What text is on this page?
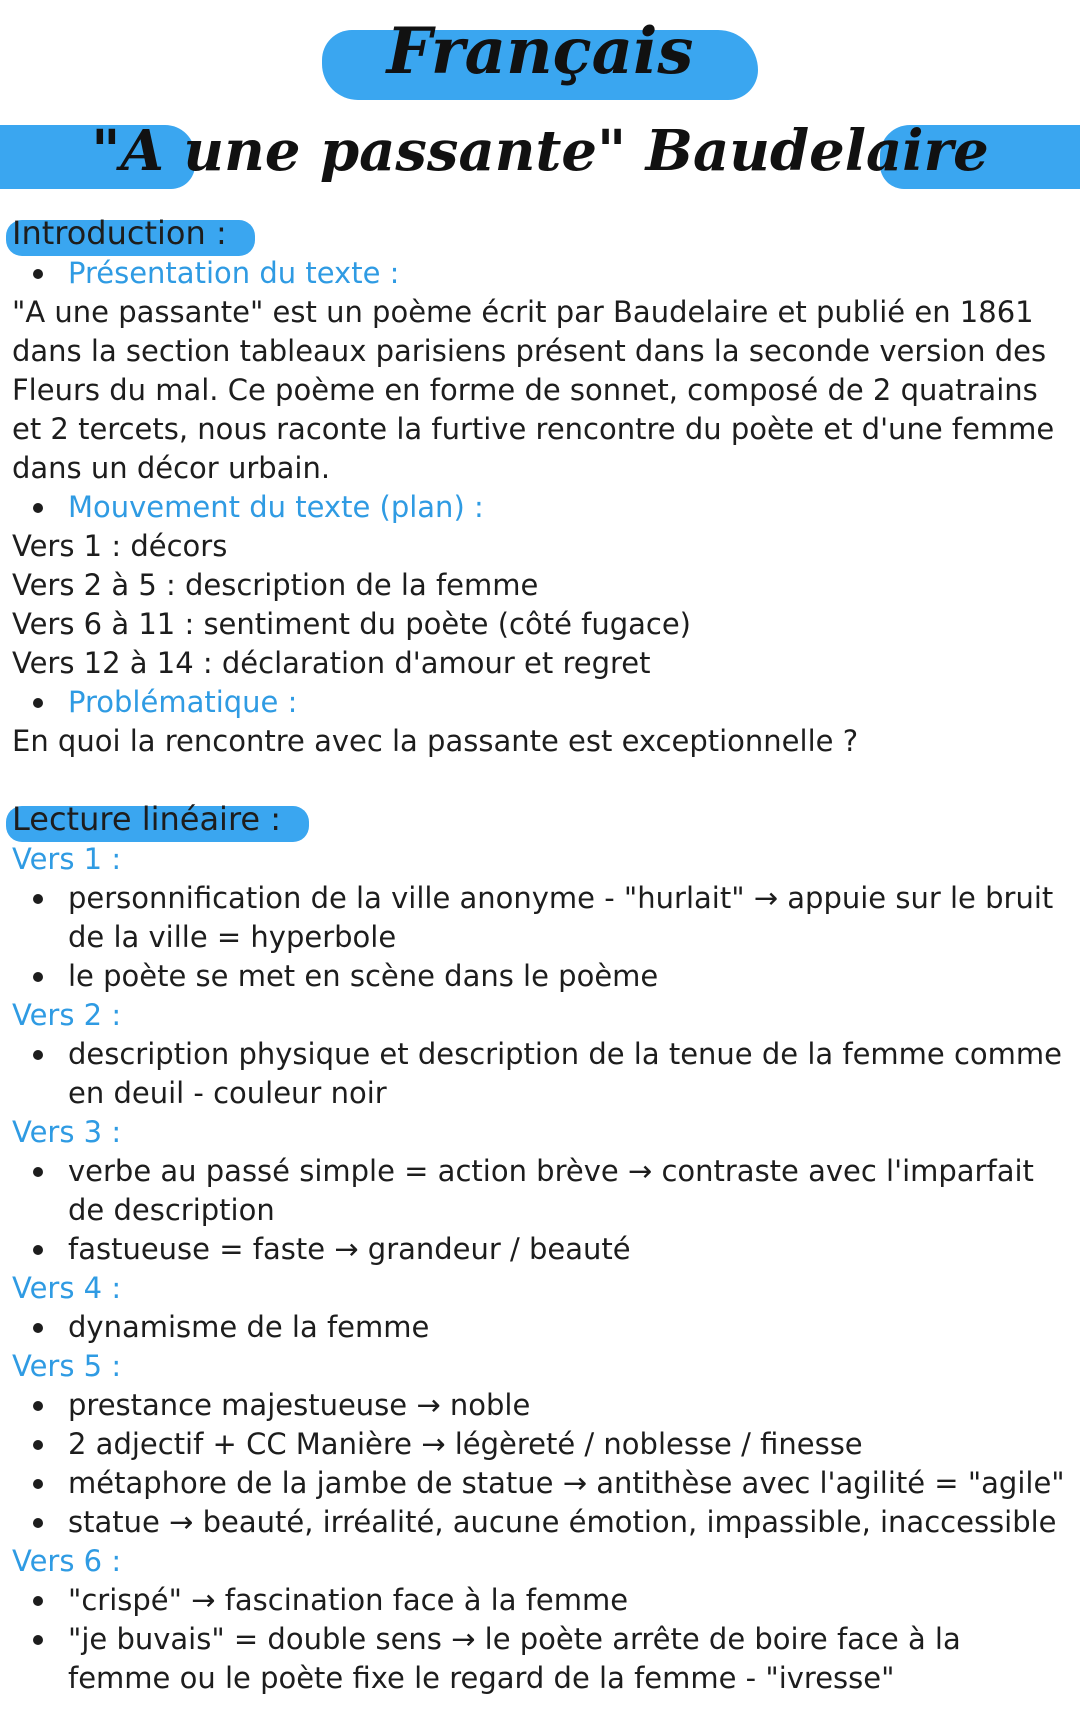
Français
"A une passante" Baudelaire
Introduction :
Présentation du texte :

"A une passante" est un poème écrit par Baudelaire et publié en 1861 dans la section tableaux parisiens présent dans la seconde version des Fleurs du mal. Ce poème en forme de sonnet, composé de 2 quatrains et 2 tercets, nous raconte la furtive rencontre du poète et d'une femme dans un décor urbain.

Mouvement du texte (plan) :

Vers 1 : décors

Vers 2 à 5 : description de la femme

Vers 6 à 11 : sentiment du poète (côté fugace)

Vers 12 à 14 : déclaration d'amour et regret

Problématique :

En quoi la rencontre avec la passante est exceptionnelle ?

Lecture linéaire :

Vers 1 :

personnification de la ville anonyme - "hurlait" → appuie sur le bruit de la ville = hyperbole
le poète se met en scène dans le poème

Vers 2 :

description physique et description de la tenue de la femme comme en deuil - couleur noir

Vers 3 :

verbe au passé simple = action brève → contraste avec l'imparfait de description
fastueuse = faste → grandeur / beauté

Vers 4 :

dynamisme de la femme

Vers 5 :

prestance majestueuse → noble
2 adjectif + CC Manière → légèreté / noblesse / finesse
métaphore de la jambe de statue → antithèse avec l'agilité = "agile"
statue → beauté, irréalité, aucune émotion, impassible, inaccessible

Vers 6 :

"crispé" → fascination face à la femme
"je buvais" = double sens → le poète arrête de boire face à la femme ou le poète fixe le regard de la femme - "ivresse"
